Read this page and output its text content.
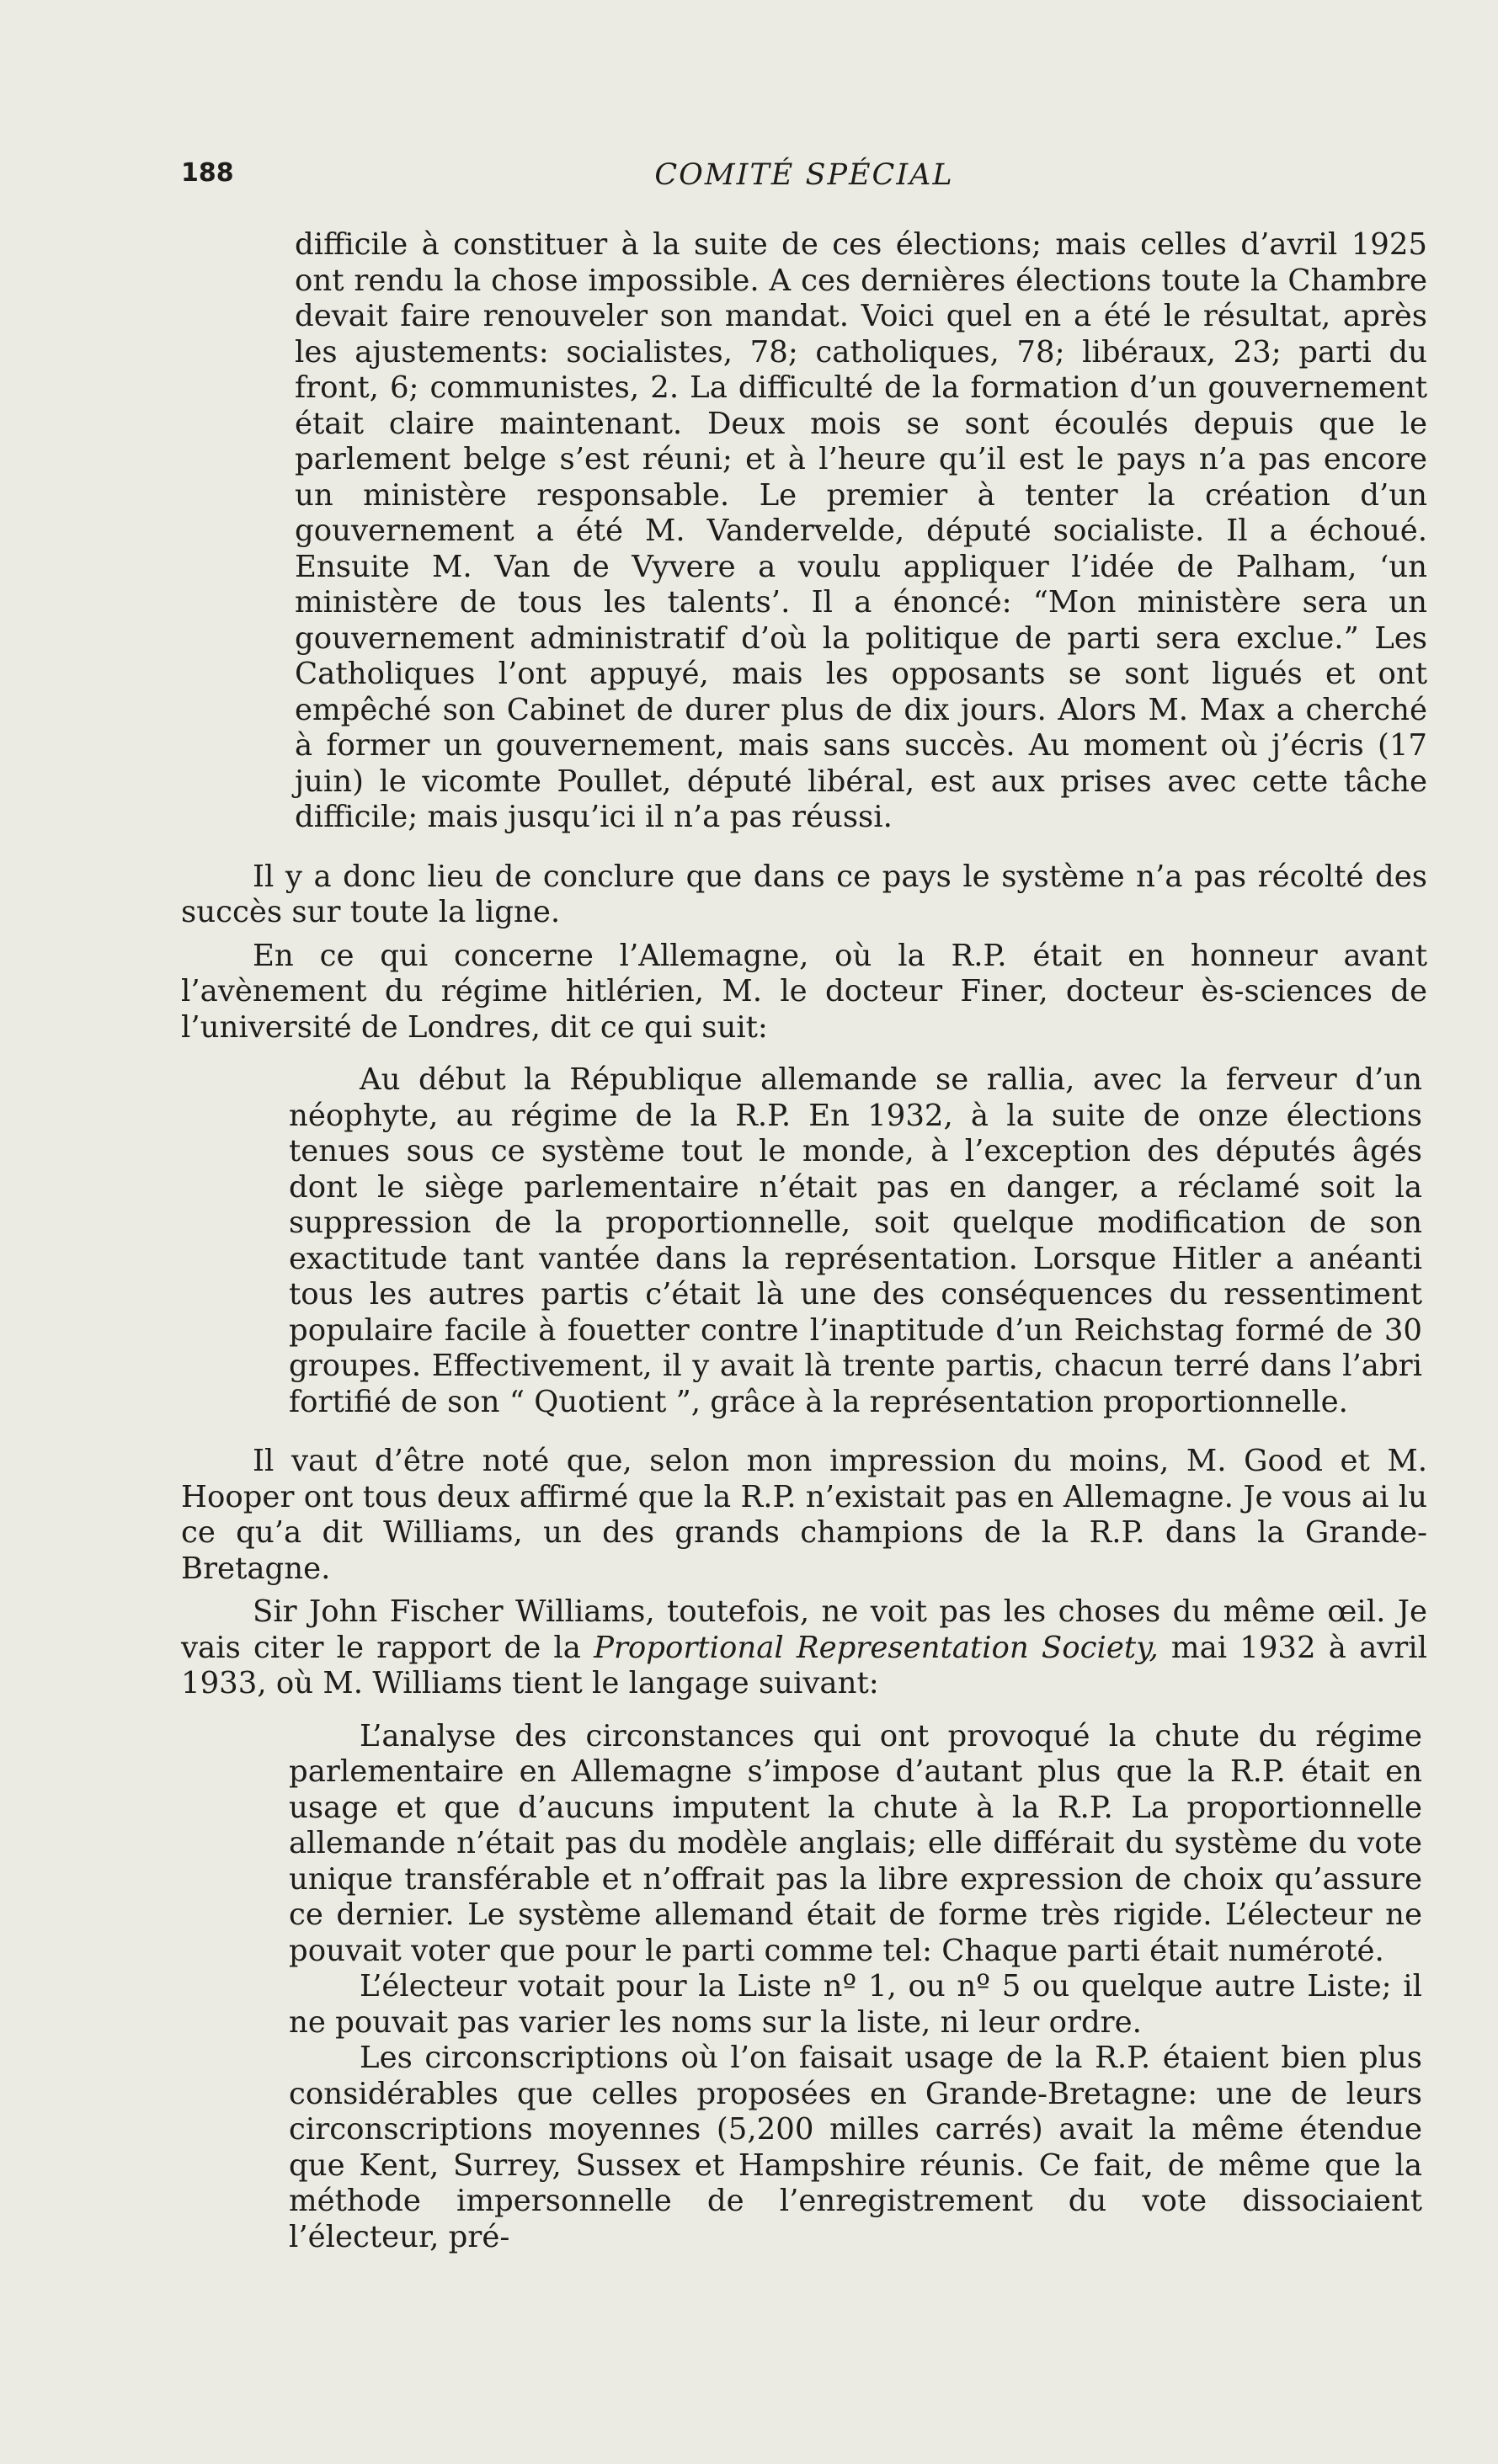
188	COMITÉ SPÉCIAL

difficile à constituer à la suite de ces élections; mais celles d’avril 1925 ont rendu la chose impossible. A ces dernières élections toute la Chambre devait faire renouveler son mandat. Voici quel en a été le résultat, après les ajustements: socialistes, 78; catholiques, 78; libéraux, 23; parti du front, 6; communistes, 2. La difficulté de la formation d’un gouvernement était claire maintenant. Deux mois se sont écoulés depuis que le parlement belge s’est réuni; et à l’heure qu’il est le pays n’a pas encore un ministère responsable. Le premier à tenter la création d’un gouvernement a été M. Vandervelde, député socialiste. Il a échoué. Ensuite M. Van de Vyvere a voulu appliquer l’idée de Palham, ‘un ministère de tous les talents’. Il a énoncé: “Mon ministère sera un gouvernement administratif d’où la politique de parti sera exclue.” Les Catholiques l’ont appuyé, mais les opposants se sont ligués et ont empêché son Cabinet de durer plus de dix jours. Alors M. Max a cherché à former un gouvernement, mais sans succès. Au moment où j’écris (17 juin) le vicomte Poullet, député libéral, est aux prises avec cette tâche difficile; mais jusqu’ici il n’a pas réussi.

Il y a donc lieu de conclure que dans ce pays le système n’a pas récolté des succès sur toute la ligne.

En ce qui concerne l’Allemagne, où la R.P. était en honneur avant l’avènement du régime hitlérien, M. le docteur Finer, docteur ès-sciences de l’université de Londres, dit ce qui suit:

Au début la République allemande se rallia, avec la ferveur d’un néophyte, au régime de la R.P. En 1932, à la suite de onze élections tenues sous ce système tout le monde, à l’exception des députés âgés dont le siège parlementaire n’était pas en danger, a réclamé soit la suppression de la proportionnelle, soit quelque modification de son exactitude tant vantée dans la représentation. Lorsque Hitler a anéanti tous les autres partis c’était là une des conséquences du ressentiment populaire facile à fouetter contre l’inaptitude d’un Reichstag formé de 30 groupes. Effectivement, il y avait là trente partis, chacun terré dans l’abri fortifié de son “ Quotient ”, grâce à la représentation proportionnelle.

Il vaut d’être noté que, selon mon impression du moins, M. Good et M. Hooper ont tous deux affirmé que la R.P. n’existait pas en Allemagne. Je vous ai lu ce qu’a dit Williams, un des grands champions de la R.P. dans la Grande-Bretagne.

Sir John Fischer Williams, toutefois, ne voit pas les choses du même œil. Je vais citer le rapport de la Proportional Representation Society, mai 1932 à avril 1933, où M. Williams tient le langage suivant:

L’analyse des circonstances qui ont provoqué la chute du régime parlementaire en Allemagne s’impose d’autant plus que la R.P. était en usage et que d’aucuns imputent la chute à la R.P. La proportionnelle allemande n’était pas du modèle anglais; elle différait du système du vote unique transférable et n’offrait pas la libre expression de choix qu’assure ce dernier. Le système allemand était de forme très rigide. L’électeur ne pouvait voter que pour le parti comme tel: Chaque parti était numéroté.

L’électeur votait pour la Liste nº 1, ou nº 5 ou quelque autre Liste; il ne pouvait pas varier les noms sur la liste, ni leur ordre.

Les circonscriptions où l’on faisait usage de la R.P. étaient bien plus considérables que celles proposées en Grande-Bretagne: une de leurs circonscriptions moyennes (5,200 milles carrés) avait la même étendue que Kent, Surrey, Sussex et Hampshire réunis. Ce fait, de même que la méthode impersonnelle de l’enregistrement du vote dissociaient l’électeur, pré-
